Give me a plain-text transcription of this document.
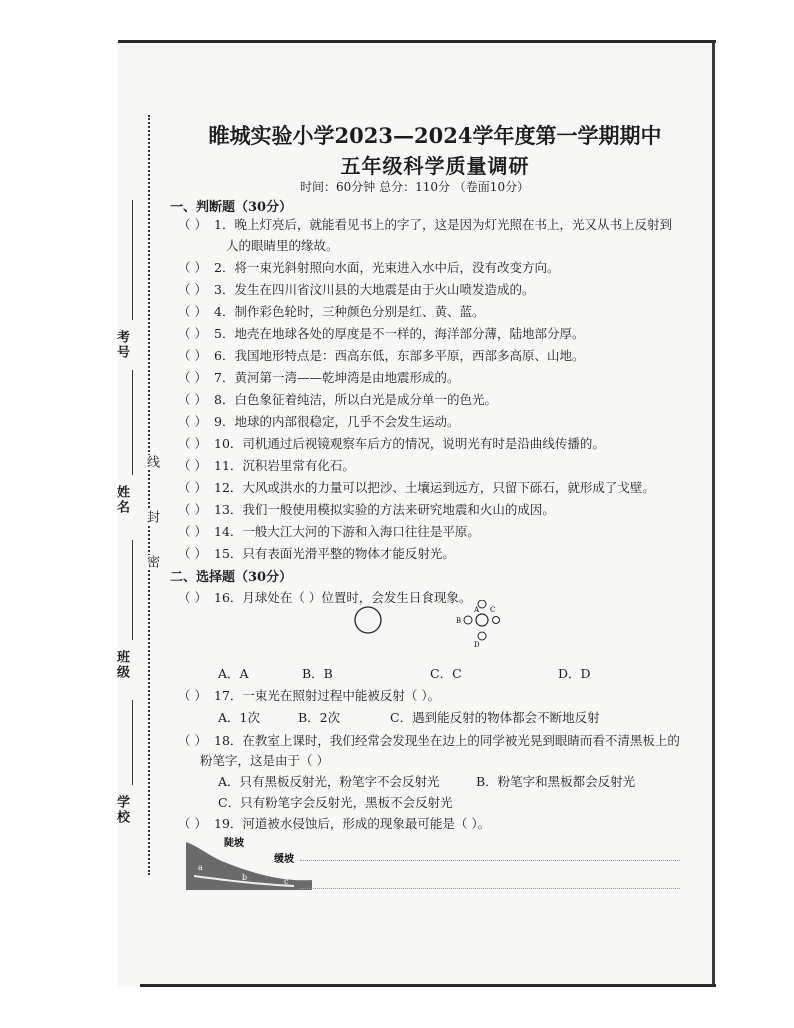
考号
姓名
班级
学校
线
封
密
睢城实验小学2023—2024学年度第一学期期中
五年级科学质量调研
时间：60分钟 总分：110分 （卷面10分）
一、判断题（30分）
（ ） 1．晚上灯亮后，就能看见书上的字了，这是因为灯光照在书上，光又从书上反射到
人的眼睛里的缘故。
（ ） 2．将一束光斜射照向水面，光束进入水中后，没有改变方向。
（ ） 3．发生在四川省汶川县的大地震是由于火山喷发造成的。
（ ） 4．制作彩色轮时，三种颜色分别是红、黄、蓝。
（ ） 5．地壳在地球各处的厚度是不一样的，海洋部分薄，陆地部分厚。
（ ） 6．我国地形特点是：西高东低，东部多平原，西部多高原、山地。
（ ） 7．黄河第一湾——乾坤湾是由地震形成的。
（ ） 8．白色象征着纯洁，所以白光是成分单一的色光。
（ ） 9．地球的内部很稳定，几乎不会发生运动。
（ ） 10．司机通过后视镜观察车后方的情况，说明光有时是沿曲线传播的。
（ ） 11．沉积岩里常有化石。
（ ） 12．大风或洪水的力量可以把沙、土壤运到远方，只留下砾石，就形成了戈壁。
（ ） 13．我们一般使用模拟实验的方法来研究地震和火山的成因。
（ ） 14．一般大江大河的下游和入海口往往是平原。
（ ） 15．只有表面光滑平整的物体才能反射光。
二、选择题（30分）
（ ） 16．月球处在（ ）位置时，会发生日食现象。
B
C
A
D
A．A	B．B	C．C	D．D
（ ） 17．一束光在照射过程中能被反射（ ）。
A．1次	B．2次	C．遇到能反射的物体都会不断地反射
（ ） 18．在教室上课时，我们经常会发现坐在边上的同学被光晃到眼睛而看不清黑板上的
粉笔字，这是由于（ ）
A．只有黑板反射光，粉笔字不会反射光	B．粉笔字和黑板都会反射光
C．只有粉笔字会反射光，黑板不会反射光
（ ） 19．河道被水侵蚀后，形成的现象最可能是（ ）。
陡坡
缓坡
a
b	c
